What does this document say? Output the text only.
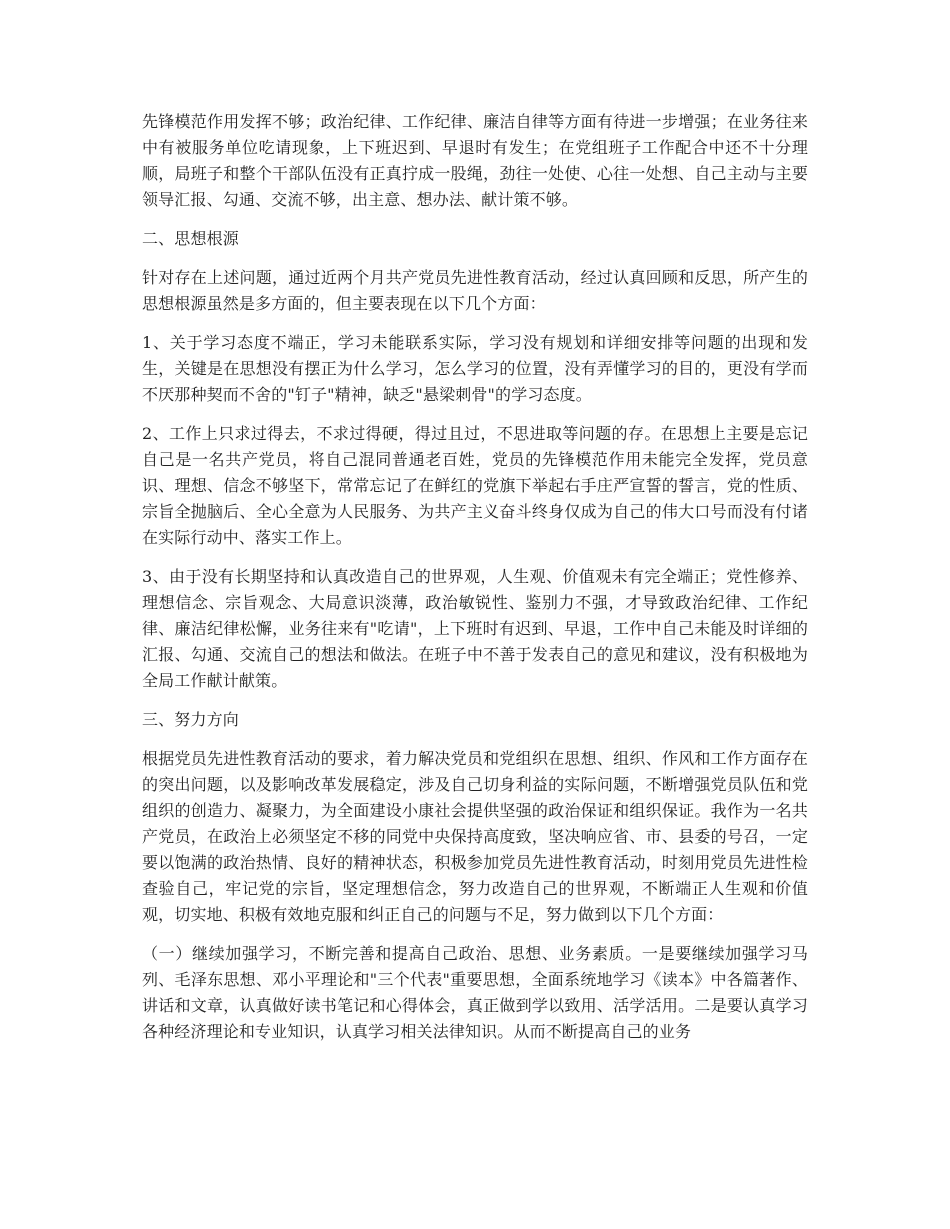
先锋模范作用发挥不够；政治纪律、工作纪律、廉洁自律等方面有待进一步增强；在业务往来中有被服务单位吃请现象，上下班迟到、早退时有发生；在党组班子工作配合中还不十分理顺，局班子和整个干部队伍没有正真拧成一股绳，劲往一处使、心往一处想、自己主动与主要领导汇报、勾通、交流不够，出主意、想办法、献计策不够。

二、思想根源

针对存在上述问题，通过近两个月共产党员先进性教育活动，经过认真回顾和反思，所产生的思想根源虽然是多方面的，但主要表现在以下几个方面：

1、关于学习态度不端正，学习未能联系实际，学习没有规划和详细安排等问题的出现和发生，关键是在思想没有摆正为什么学习，怎么学习的位置，没有弄懂学习的目的，更没有学而不厌那种契而不舍的"钉子"精神，缺乏"悬梁刺骨"的学习态度。

2、工作上只求过得去，不求过得硬，得过且过，不思进取等问题的存。在思想上主要是忘记自己是一名共产党员，将自己混同普通老百姓，党员的先锋模范作用未能完全发挥，党员意识、理想、信念不够坚下，常常忘记了在鲜红的党旗下举起右手庄严宣誓的誓言，党的性质、宗旨全抛脑后、全心全意为人民服务、为共产主义奋斗终身仅成为自己的伟大口号而没有付诸在实际行动中、落实工作上。

3、由于没有长期坚持和认真改造自己的世界观，人生观、价值观未有完全端正；党性修养、理想信念、宗旨观念、大局意识淡薄，政治敏锐性、鉴别力不强，才导致政治纪律、工作纪律、廉洁纪律松懈，业务往来有"吃请"，上下班时有迟到、早退，工作中自己未能及时详细的汇报、勾通、交流自己的想法和做法。在班子中不善于发表自己的意见和建议，没有积极地为全局工作献计献策。

三、努力方向

根据党员先进性教育活动的要求，着力解决党员和党组织在思想、组织、作风和工作方面存在的突出问题，以及影响改革发展稳定，涉及自己切身利益的实际问题，不断增强党员队伍和党组织的创造力、凝聚力，为全面建设小康社会提供坚强的政治保证和组织保证。我作为一名共产党员，在政治上必须坚定不移的同党中央保持高度致，坚决响应省、市、县委的号召，一定要以饱满的政治热情、良好的精神状态，积极参加党员先进性教育活动，时刻用党员先进性检查验自己，牢记党的宗旨，坚定理想信念，努力改造自己的世界观，不断端正人生观和价值观，切实地、积极有效地克服和纠正自己的问题与不足，努力做到以下几个方面：

（一）继续加强学习，不断完善和提高自己政治、思想、业务素质。一是要继续加强学习马列、毛泽东思想、邓小平理论和"三个代表"重要思想，全面系统地学习《读本》中各篇著作、讲话和文章，认真做好读书笔记和心得体会，真正做到学以致用、活学活用。二是要认真学习各种经济理论和专业知识，认真学习相关法律知识。从而不断提高自己的业务
